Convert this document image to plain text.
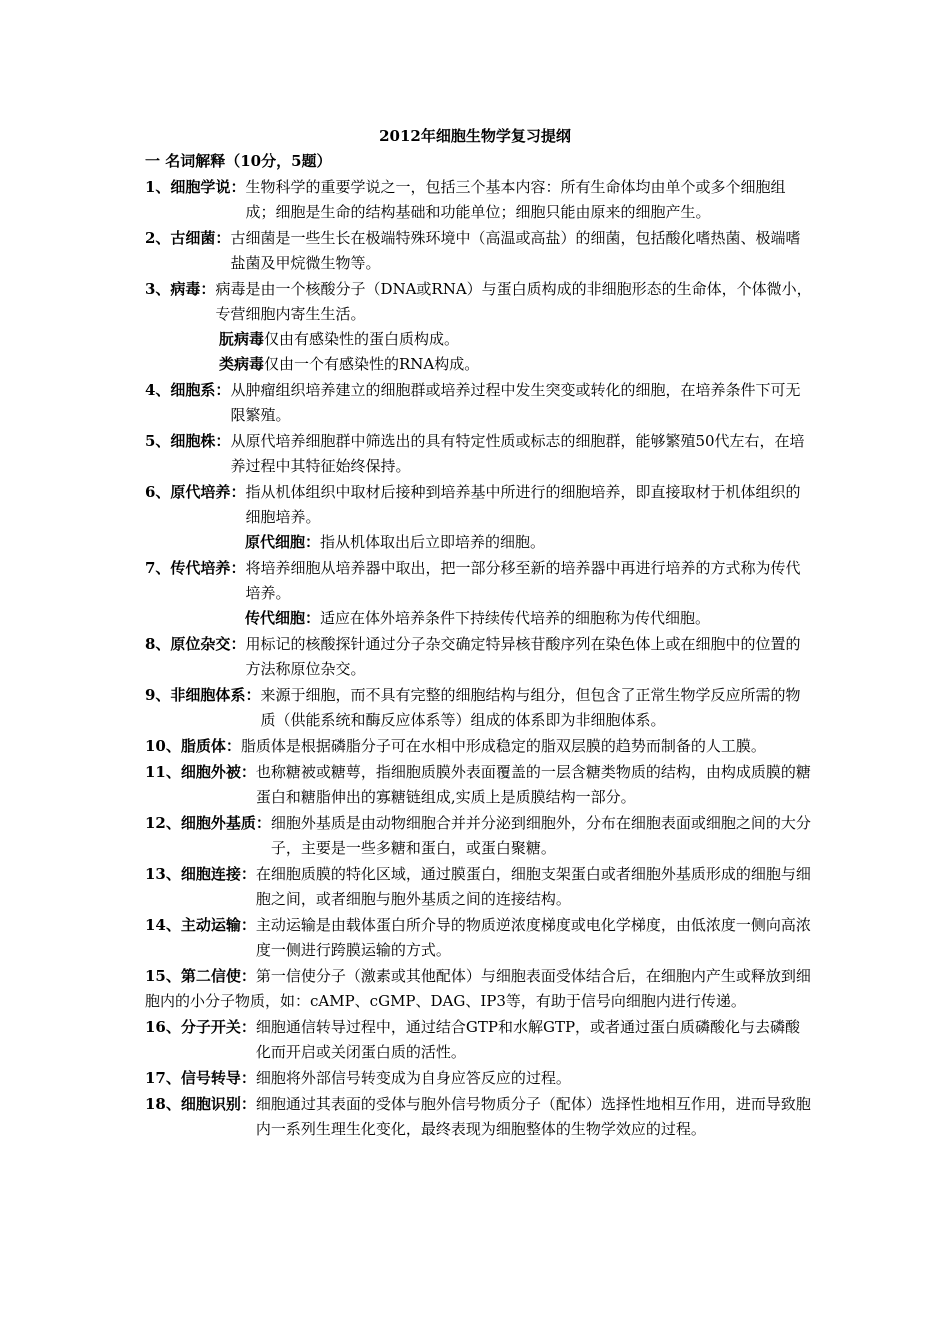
2012年细胞生物学复习提纲
一 名词解释（10分，5题）
1、细胞学说： 生物科学的重要学说之一，包括三个基本内容：所有生命体均由单个或多个细胞组成；细胞是生命的结构基础和功能单位；细胞只能由原来的细胞产生。
2、古细菌： 古细菌是一些生长在极端特殊环境中（高温或高盐）的细菌，包括酸化嗜热菌、极端嗜盐菌及甲烷微生物等。
3、病毒： 病毒是由一个核酸分子（DNA或RNA）与蛋白质构成的非细胞形态的生命体，个体微小，专营细胞内寄生生活。
朊病毒仅由有感染性的蛋白质构成。
类病毒仅由一个有感染性的RNA构成。
4、细胞系： 从肿瘤组织培养建立的细胞群或培养过程中发生突变或转化的细胞，在培养条件下可无限繁殖。
5、细胞株： 从原代培养细胞群中筛选出的具有特定性质或标志的细胞群，能够繁殖50代左右，在培养过程中其特征始终保持。
6、原代培养： 指从机体组织中取材后接种到培养基中所进行的细胞培养，即直接取材于机体组织的细胞培养。
原代细胞：指从机体取出后立即培养的细胞。
7、传代培养： 将培养细胞从培养器中取出，把一部分移至新的培养器中再进行培养的方式称为传代培养。
传代细胞：适应在体外培养条件下持续传代培养的细胞称为传代细胞。
8、原位杂交： 用标记的核酸探针通过分子杂交确定特异核苷酸序列在染色体上或在细胞中的位置的方法称原位杂交。
9、非细胞体系： 来源于细胞，而不具有完整的细胞结构与组分，但包含了正常生物学反应所需的物质（供能系统和酶反应体系等）组成的体系即为非细胞体系。
10、脂质体：脂质体是根据磷脂分子可在水相中形成稳定的脂双层膜的趋势而制备的人工膜。
11、细胞外被： 也称糖被或糖萼，指细胞质膜外表面覆盖的一层含糖类物质的结构，由构成质膜的糖蛋白和糖脂伸出的寡糖链组成,实质上是质膜结构一部分。
12、细胞外基质： 细胞外基质是由动物细胞合并并分泌到细胞外，分布在细胞表面或细胞之间的大分子，主要是一些多糖和蛋白，或蛋白聚糖。
13、细胞连接： 在细胞质膜的特化区域，通过膜蛋白，细胞支架蛋白或者细胞外基质形成的细胞与细胞之间，或者细胞与胞外基质之间的连接结构。
14、主动运输： 主动运输是由载体蛋白所介导的物质逆浓度梯度或电化学梯度，由低浓度一侧向高浓度一侧进行跨膜运输的方式。
15、第二信使：第一信使分子（激素或其他配体）与细胞表面受体结合后，在细胞内产生或释放到细胞内的小分子物质，如：cAMP、cGMP、DAG、IP3等，有助于信号向细胞内进行传递。
16、分子开关： 细胞通信转导过程中，通过结合GTP和水解GTP，或者通过蛋白质磷酸化与去磷酸化而开启或关闭蛋白质的活性。
17、信号转导： 细胞将外部信号转变成为自身应答反应的过程。
18、细胞识别： 细胞通过其表面的受体与胞外信号物质分子（配体）选择性地相互作用，进而导致胞内一系列生理生化变化，最终表现为细胞整体的生物学效应的过程。
